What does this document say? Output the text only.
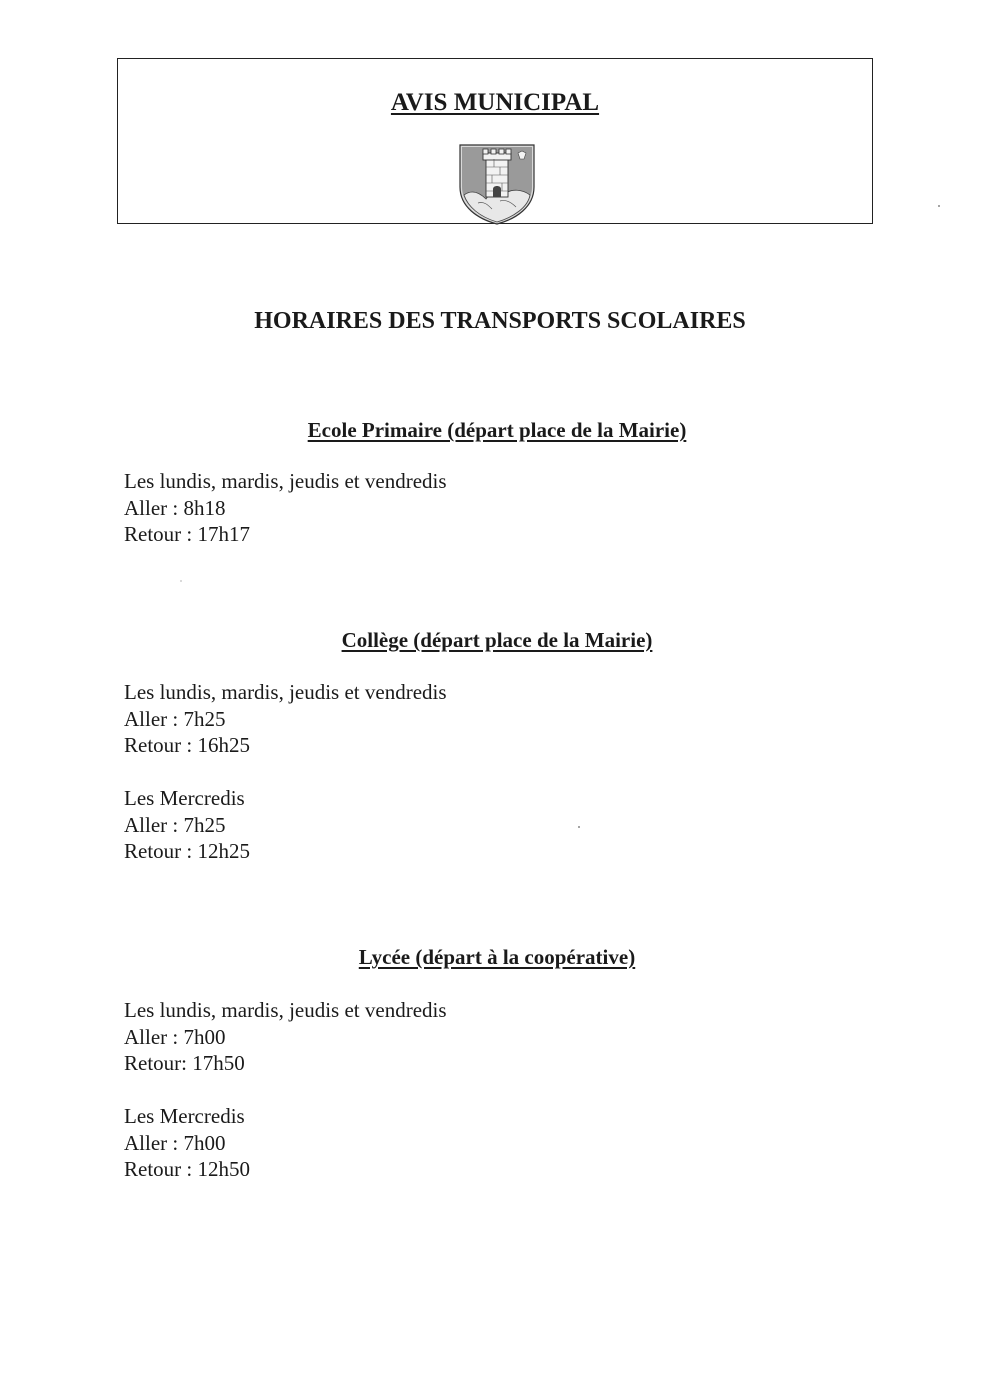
AVIS MUNICIPAL
HORAIRES DES TRANSPORTS SCOLAIRES
Ecole Primaire (départ place de la Mairie)
Les lundis, mardis, jeudis et vendredis
Aller : 8h18
Retour : 17h17
Collège (départ place de la Mairie)
Les lundis, mardis, jeudis et vendredis
Aller : 7h25
Retour : 16h25
Les Mercredis
Aller : 7h25
Retour : 12h25
Lycée (départ à la coopérative)
Les lundis, mardis, jeudis et vendredis
Aller : 7h00
Retour: 17h50
Les Mercredis
Aller : 7h00
Retour : 12h50
